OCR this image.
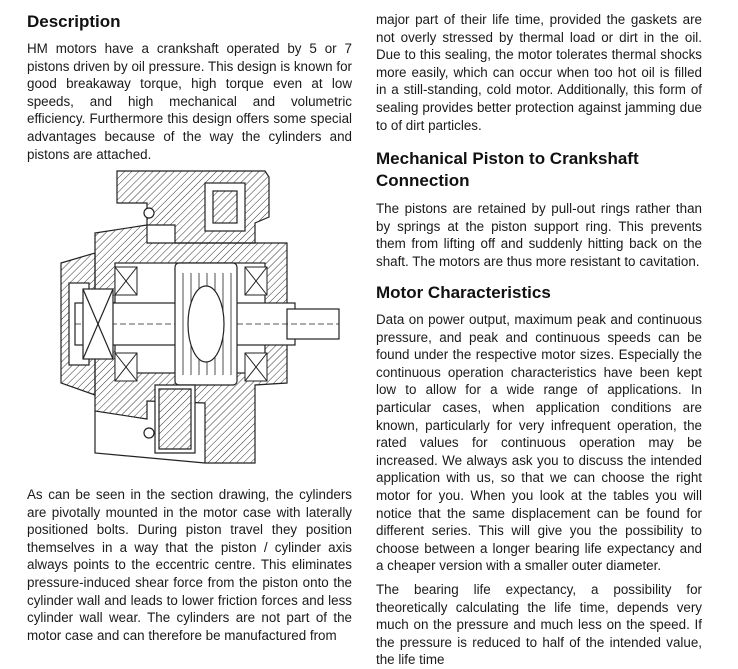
Description

HM motors have a crankshaft operated by 5 or 7 pistons driven by oil pressure. This design is known for good breakaway torque, high torque even at low speeds, and high mechanical and volumetric efficiency. Furthermore this design offers some special advantages because of the way the cylinders and pistons are attached.

As can be seen in the section drawing, the cylinders are pivotally mounted in the motor case with laterally positioned bolts. During piston travel they position themselves in a way that the piston / cylinder axis always points to the eccentric centre. This eliminates pressure-induced shear force from the piston onto the cylinder wall and leads to lower friction forces and less cylinder wall wear. The cylinders are not part of the motor case and can therefore be manufactured from

major part of their life time, provided the gaskets are not overly stressed by thermal load or dirt in the oil. Due to this sealing, the motor tolerates thermal shocks more easily, which can occur when too hot oil is filled in a still-standing, cold motor. Additionally, this form of sealing provides better protection against jamming due to of dirt particles.

Mechanical Piston to Crankshaft Connection

The pistons are retained by pull-out rings rather than by springs at the piston support ring. This prevents them from lifting off and suddenly hitting back on the shaft. The motors are thus more resistant to cavitation.

Motor Characteristics

Data on power output, maximum peak and continuous pressure, and peak and continuous speeds can be found under the respective motor sizes. Especially the continuous operation characteristics have been kept low to allow for a wide range of applications. In particular cases, when application conditions are known, particularly for very infrequent operation, the rated values for continuous operation may be increased. We always ask you to discuss the intended application with us, so that we can choose the right motor for you. When you look at the tables you will notice that the same displacement can be found for different series. This will give you the possibility to choose between a longer bearing life expectancy and a cheaper version with a smaller outer diameter.

The bearing life expectancy, a possibility for theoretically calculating the life time, depends very much on the pressure and much less on the speed. If the pressure is reduced to half of the intended value, the life time
